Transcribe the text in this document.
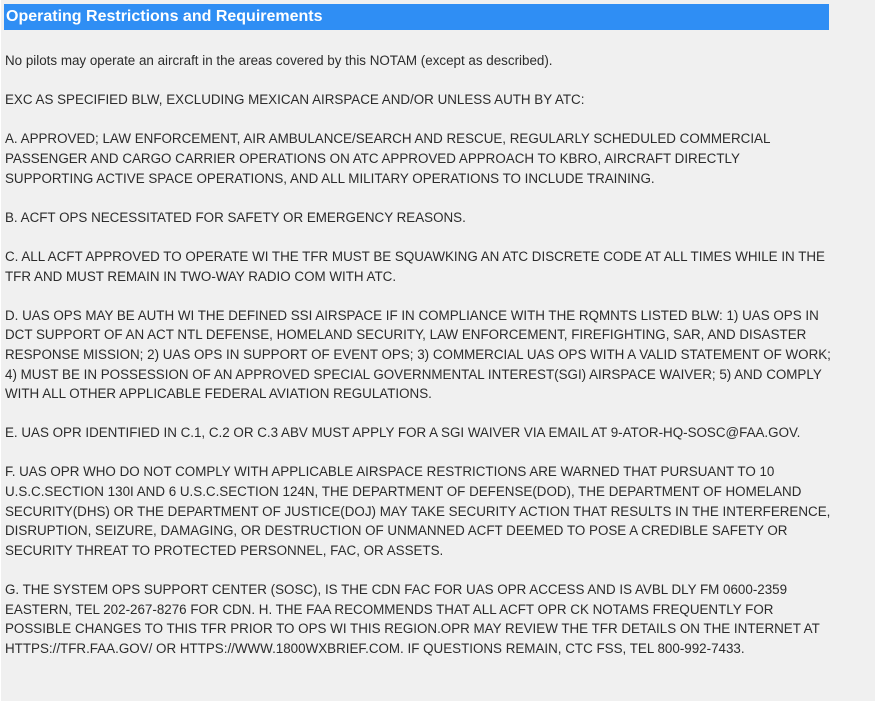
Operating Restrictions and Requirements

No pilots may operate an aircraft in the areas covered by this NOTAM (except as described).

EXC AS SPECIFIED BLW, EXCLUDING MEXICAN AIRSPACE AND/OR UNLESS AUTH BY ATC:

A. APPROVED; LAW ENFORCEMENT, AIR AMBULANCE/SEARCH AND RESCUE, REGULARLY SCHEDULED COMMERCIAL PASSENGER AND CARGO CARRIER OPERATIONS ON ATC APPROVED APPROACH TO KBRO, AIRCRAFT DIRECTLY SUPPORTING ACTIVE SPACE OPERATIONS, AND ALL MILITARY OPERATIONS TO INCLUDE TRAINING.

B. ACFT OPS NECESSITATED FOR SAFETY OR EMERGENCY REASONS.

C. ALL ACFT APPROVED TO OPERATE WI THE TFR MUST BE SQUAWKING AN ATC DISCRETE CODE AT ALL TIMES WHILE IN THE TFR AND MUST REMAIN IN TWO-WAY RADIO COM WITH ATC.

D. UAS OPS MAY BE AUTH WI THE DEFINED SSI AIRSPACE IF IN COMPLIANCE WITH THE RQMNTS LISTED BLW: 1) UAS OPS IN DCT SUPPORT OF AN ACT NTL DEFENSE, HOMELAND SECURITY, LAW ENFORCEMENT, FIREFIGHTING, SAR, AND DISASTER RESPONSE MISSION; 2) UAS OPS IN SUPPORT OF EVENT OPS; 3) COMMERCIAL UAS OPS WITH A VALID STATEMENT OF WORK; 4) MUST BE IN POSSESSION OF AN APPROVED SPECIAL GOVERNMENTAL INTEREST(SGI) AIRSPACE WAIVER; 5) AND COMPLY WITH ALL OTHER APPLICABLE FEDERAL AVIATION REGULATIONS.

E. UAS OPR IDENTIFIED IN C.1, C.2 OR C.3 ABV MUST APPLY FOR A SGI WAIVER VIA EMAIL AT 9-ATOR-HQ-SOSC@FAA.GOV.

F. UAS OPR WHO DO NOT COMPLY WITH APPLICABLE AIRSPACE RESTRICTIONS ARE WARNED THAT PURSUANT TO 10 U.S.C.SECTION 130I AND 6 U.S.C.SECTION 124N, THE DEPARTMENT OF DEFENSE(DOD), THE DEPARTMENT OF HOMELAND SECURITY(DHS) OR THE DEPARTMENT OF JUSTICE(DOJ) MAY TAKE SECURITY ACTION THAT RESULTS IN THE INTERFERENCE, DISRUPTION, SEIZURE, DAMAGING, OR DESTRUCTION OF UNMANNED ACFT DEEMED TO POSE A CREDIBLE SAFETY OR SECURITY THREAT TO PROTECTED PERSONNEL, FAC, OR ASSETS.

G. THE SYSTEM OPS SUPPORT CENTER (SOSC), IS THE CDN FAC FOR UAS OPR ACCESS AND IS AVBL DLY FM 0600-2359 EASTERN, TEL 202-267-8276 FOR CDN. H. THE FAA RECOMMENDS THAT ALL ACFT OPR CK NOTAMS FREQUENTLY FOR POSSIBLE CHANGES TO THIS TFR PRIOR TO OPS WI THIS REGION.OPR MAY REVIEW THE TFR DETAILS ON THE INTERNET AT HTTPS://TFR.FAA.GOV/ OR HTTPS://WWW.1800WXBRIEF.COM. IF QUESTIONS REMAIN, CTC FSS, TEL 800-992-7433.
